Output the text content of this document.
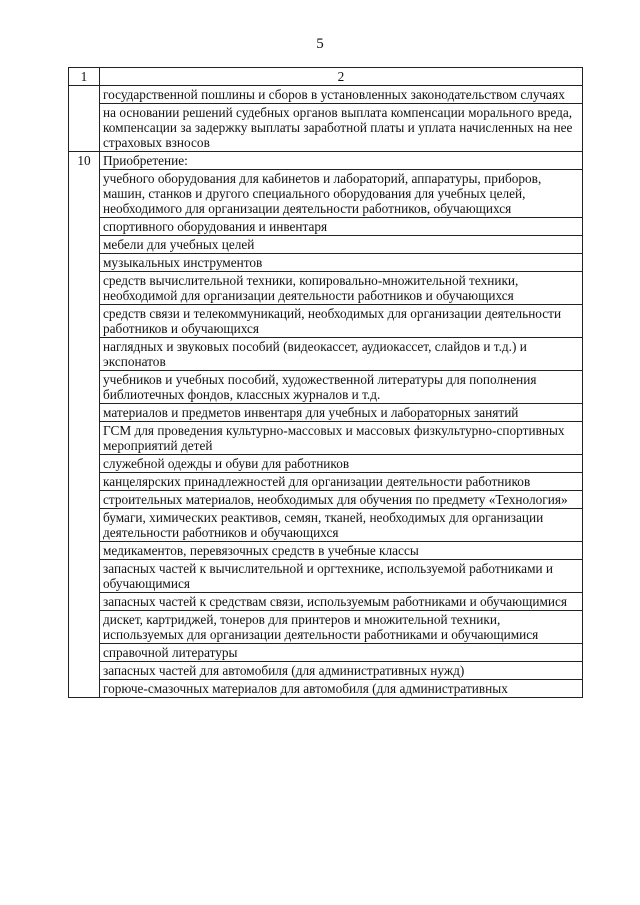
5
1	2
	государственной пошлины и сборов в установленных законодательством случаях
	на основании решений судебных органов выплата компенсации морального вреда, компенсации за задержку выплаты заработной платы и уплата начисленных на нее страховых взносов
10	Приобретение:
	учебного оборудования для кабинетов и лабораторий, аппаратуры, приборов, машин, станков и другого специального оборудования для учебных целей, необходимого для организации деятельности работников, обучающихся
	спортивного оборудования и инвентаря
	мебели для учебных целей
	музыкальных инструментов
	средств вычислительной техники, копировально-множительной техники, необходимой для организации деятельности работников и обучающихся
	средств связи и телекоммуникаций, необходимых для организации деятельности работников и обучающихся
	наглядных и звуковых пособий (видеокассет, аудиокассет, слайдов и т.д.) и экспонатов
	учебников и учебных пособий, художественной литературы для пополнения библиотечных фондов, классных журналов и т.д.
	материалов и предметов инвентаря для учебных и лабораторных занятий
	ГСМ для проведения культурно-массовых и массовых физкультурно-спортивных мероприятий детей
	служебной одежды и обуви для работников
	канцелярских принадлежностей для организации деятельности работников
	строительных материалов, необходимых для обучения по предмету «Технология»
	бумаги, химических реактивов, семян, тканей, необходимых для организации деятельности работников и обучающихся
	медикаментов, перевязочных средств в учебные классы
	запасных частей к вычислительной и оргтехнике, используемой работниками и обучающимися
	запасных частей к средствам связи, используемым работниками и обучающимися
	дискет, картриджей, тонеров для принтеров и множительной техники, используемых для организации деятельности работниками и обучающимися
	справочной литературы
	запасных частей для автомобиля (для административных нужд)
	горюче-смазочных материалов для автомобиля (для административных
